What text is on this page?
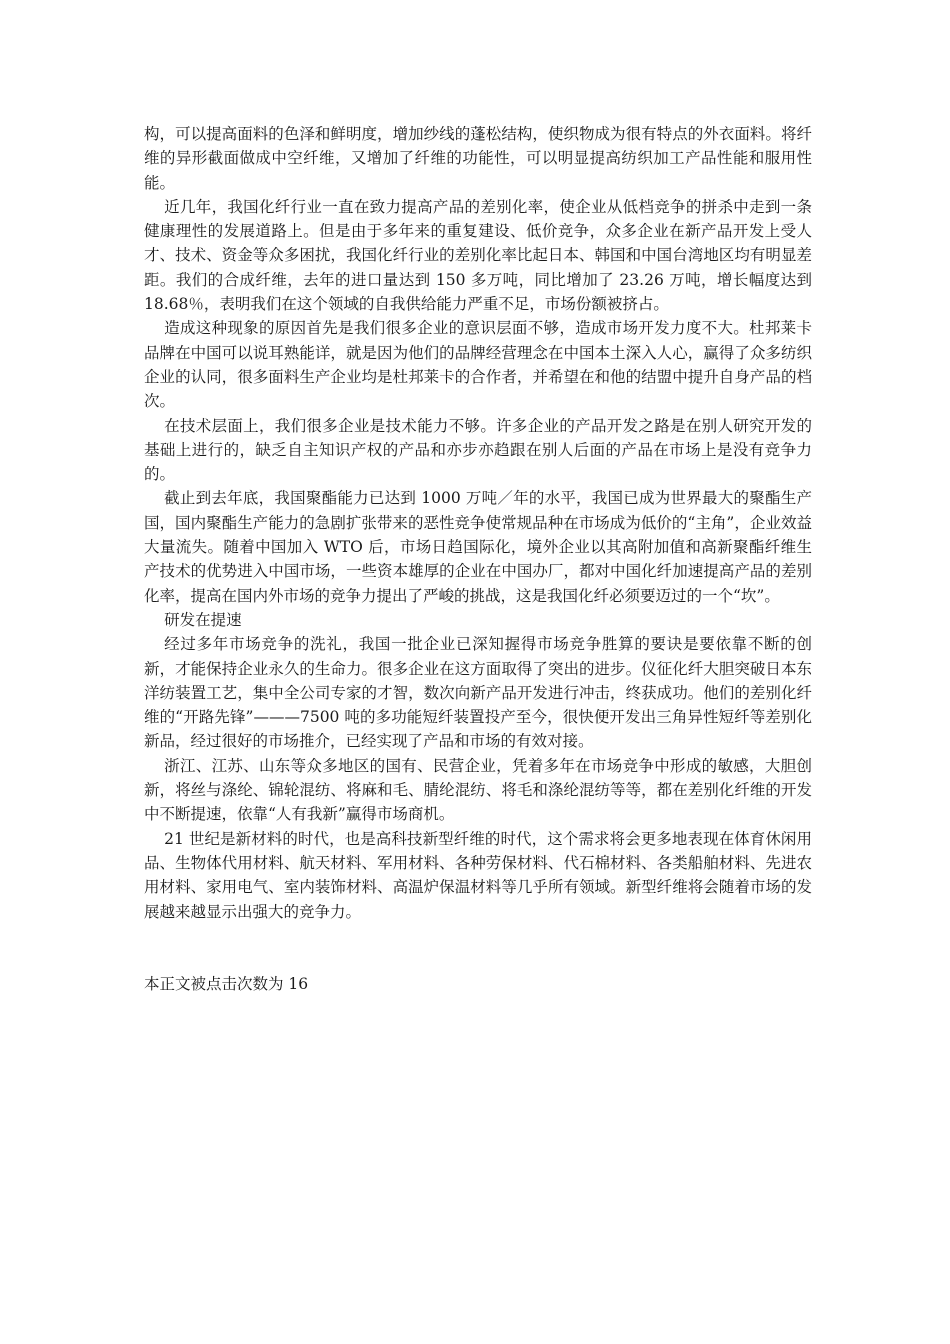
构，可以提高面料的色泽和鲜明度，增加纱线的蓬松结构，使织物成为很有特点的外衣面料。将纤维的异形截面做成中空纤维，又增加了纤维的功能性，可以明显提高纺织加工产品性能和服用性能。

近几年，我国化纤行业一直在致力提高产品的差别化率，使企业从低档竞争的拼杀中走到一条健康理性的发展道路上。但是由于多年来的重复建设、低价竞争，众多企业在新产品开发上受人才、技术、资金等众多困扰，我国化纤行业的差别化率比起日本、韩国和中国台湾地区均有明显差距。我们的合成纤维，去年的进口量达到 150 多万吨，同比增加了 23.26 万吨，增长幅度达到 18.68％，表明我们在这个领域的自我供给能力严重不足，市场份额被挤占。

造成这种现象的原因首先是我们很多企业的意识层面不够，造成市场开发力度不大。杜邦莱卡品牌在中国可以说耳熟能详，就是因为他们的品牌经营理念在中国本土深入人心，赢得了众多纺织企业的认同，很多面料生产企业均是杜邦莱卡的合作者，并希望在和他的结盟中提升自身产品的档次。

在技术层面上，我们很多企业是技术能力不够。许多企业的产品开发之路是在别人研究开发的基础上进行的，缺乏自主知识产权的产品和亦步亦趋跟在别人后面的产品在市场上是没有竞争力的。

截止到去年底，我国聚酯能力已达到 1000 万吨／年的水平，我国已成为世界最大的聚酯生产国，国内聚酯生产能力的急剧扩张带来的恶性竞争使常规品种在市场成为低价的“主角”，企业效益大量流失。随着中国加入 WTO 后，市场日趋国际化，境外企业以其高附加值和高新聚酯纤维生产技术的优势进入中国市场，一些资本雄厚的企业在中国办厂，都对中国化纤加速提高产品的差别化率，提高在国内外市场的竞争力提出了严峻的挑战，这是我国化纤必须要迈过的一个“坎”。

研发在提速

经过多年市场竞争的洗礼，我国一批企业已深知握得市场竞争胜算的要诀是要依靠不断的创新，才能保持企业永久的生命力。很多企业在这方面取得了突出的进步。仪征化纤大胆突破日本东洋纺装置工艺，集中全公司专家的才智，数次向新产品开发进行冲击，终获成功。他们的差别化纤维的“开路先锋”———7500 吨的多功能短纤装置投产至今，很快便开发出三角异性短纤等差别化新品，经过很好的市场推介，已经实现了产品和市场的有效对接。

浙江、江苏、山东等众多地区的国有、民营企业，凭着多年在市场竞争中形成的敏感，大胆创新，将丝与涤纶、锦轮混纺、将麻和毛、腈纶混纺、将毛和涤纶混纺等等，都在差别化纤维的开发中不断提速，依靠“人有我新”赢得市场商机。

21 世纪是新材料的时代，也是高科技新型纤维的时代，这个需求将会更多地表现在体育休闲用品、生物体代用材料、航天材料、军用材料、各种劳保材料、代石棉材料、各类船舶材料、先进农用材料、家用电气、室内装饰材料、高温炉保温材料等几乎所有领域。新型纤维将会随着市场的发展越来越显示出强大的竞争力。

本正文被点击次数为 16
